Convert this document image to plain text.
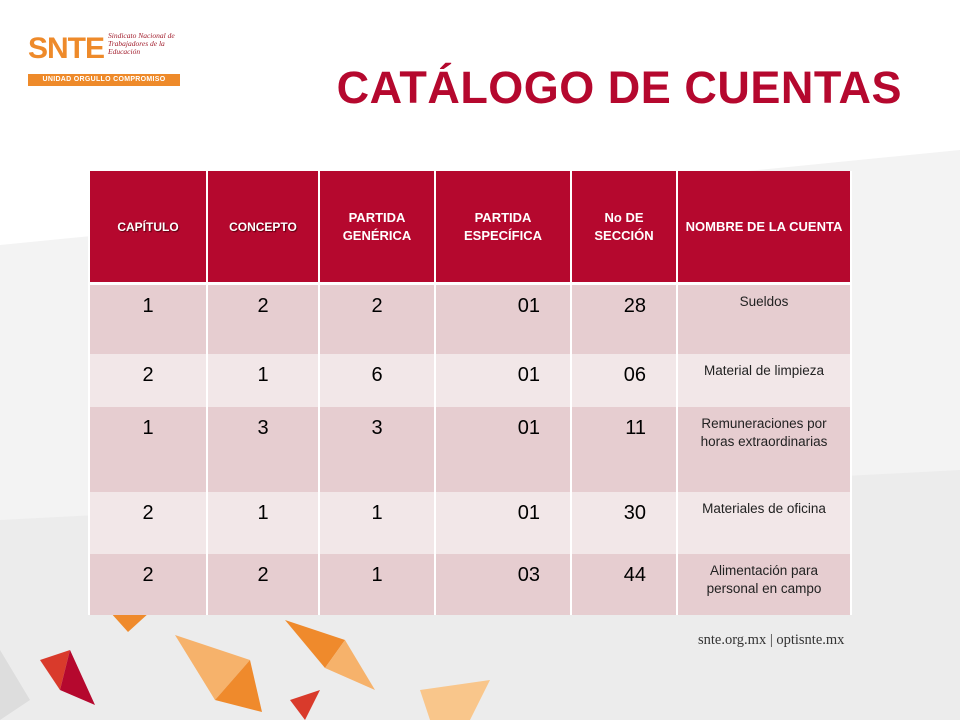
SNTE Sindicato Nacional de Trabajadores de la Educación
UNIDAD ORGULLO COMPROMISO	CATÁLOGO DE CUENTAS
CAPÍTULO	CONCEPTO	PARTIDA GENÉRICA	PARTIDA ESPECÍFICA	No DE SECCIÓN	NOMBRE DE LA CUENTA
1	2	2	01	28	Sueldos
2	1	6	01	06	Material de limpieza
1	3	3	01	11	Remuneraciones por horas extraordinarias
2	1	1	01	30	Materiales de oficina
2	2	1	03	44	Alimentación para personal en campo
snte.org.mx | optisnte.mx
